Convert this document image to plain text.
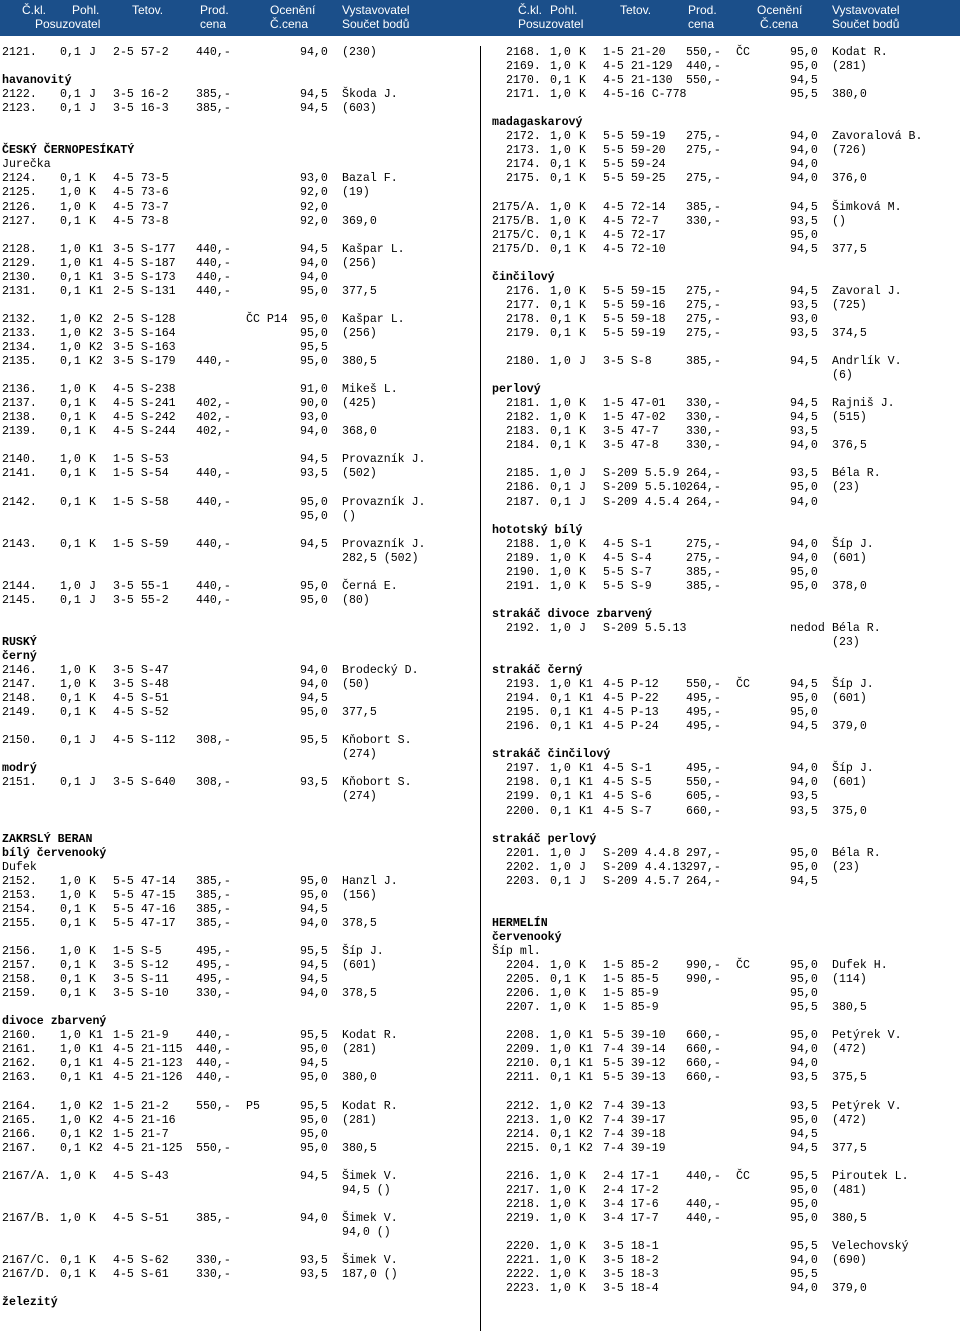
Č.kl. Pohl.	Tetov.	Prod.	Ocenění Vystavovatel
Posuzovatel	cena	Č.cena	Součet bodů
Č.kl. Pohl.	Tetov.	Prod.	Ocenění Vystavovatel
Posuzovatel	cena	Č.cena	Součet bodů
2121. 0,1 J 2-5 57-2 440,-	94,0 (230)
havanovitý
2122. 0,1 J 3-5 16-2 385,-	94,5 Škoda J.
2123. 0,1 J 3-5 16-3 385,-	94,5 (603)
ČESKÝ ČERNOPESÍKATÝ
Jurečka
2124. 0,1 K 4-5 73-5	93,0 Bazal F.
2125. 1,0 K 4-5 73-6	92,0 (19)
2126. 1,0 K 4-5 73-7	92,0
2127. 0,1 K 4-5 73-8	92,0 369,0
2128. 1,0 K1 3-5 S-177 440,-	94,5 Kašpar L.
2129. 1,0 K1 4-5 S-187 440,-	94,0 (256)
2130. 0,1 K1 3-5 S-173 440,-	94,0
2131. 0,1 K1 2-5 S-131 440,-	95,0 377,5
2132. 1,0 K2 2-5 S-128	ČC P14 95,0 Kašpar L.
2133. 1,0 K2 3-5 S-164	95,0 (256)
2134. 1,0 K2 3-5 S-163	95,5
2135. 0,1 K2 3-5 S-179 440,-	95,0 380,5
2136. 1,0 K 4-5 S-238	91,0 Mikeš L.
2137. 0,1 K 4-5 S-241 402,-	90,0 (425)
2138. 0,1 K 4-5 S-242 402,-	93,0
2139. 0,1 K 4-5 S-244 402,-	94,0 368,0
2140. 1,0 K 1-5 S-53	94,5 Provazník J.
2141. 0,1 K 1-5 S-54 440,-	93,5 (502)
2142. 0,1 K 1-5 S-58 440,-	95,0 Provazník J.
95,0 ()
2143. 0,1 K 1-5 S-59 440,-	94,5 Provazník J.
282,5 (502)
2144. 1,0 J 3-5 55-1 440,-	95,0 Černá E.
2145. 0,1 J 3-5 55-2 440,-	95,0 (80)
RUSKÝ
černý
2146. 1,0 K 3-5 S-47	94,0 Brodecký D.
2147. 1,0 K 3-5 S-48	94,0 (50)
2148. 0,1 K 4-5 S-51	94,5
2149. 0,1 K 4-5 S-52	95,0 377,5
2150. 0,1 J 4-5 S-112 308,-	95,5 Kňobort S.
(274)
modrý
2151. 0,1 J 3-5 S-640 308,-	93,5 Kňobort S.
(274)
ZAKRSLÝ BERAN
bílý červenooký
Dufek
2152. 1,0 K 5-5 47-14 385,-	95,0 Hanzl J.
2153. 1,0 K 5-5 47-15 385,-	95,0 (156)
2154. 0,1 K 5-5 47-16 385,-	94,5
2155. 0,1 K 5-5 47-17 385,-	94,0 378,5
2156. 1,0 K 1-5 S-5	495,-	95,5 Šíp J.
2157. 0,1 K 3-5 S-12 495,-	94,5 (601)
2158. 0,1 K 3-5 S-11 495,-	94,5
2159. 0,1 K 3-5 S-10 330,-	94,0 378,5
divoce zbarvený
2160. 1,0 K1 1-5 21-9 440,-	95,5 Kodat R.
2161. 1,0 K1 4-5 21-115 440,-	95,0 (281)
2162. 0,1 K1 4-5 21-123 440,-	94,5
2163. 0,1 K1 4-5 21-126 440,-	95,0 380,0
2164. 1,0 K2 1-5 21-2 550,- P5	95,5 Kodat R.
2165. 1,0 K2 4-5 21-16	95,0 (281)
2166. 0,1 K2 1-5 21-7	95,0
2167. 0,1 K2 4-5 21-125 550,-	95,0 380,5
2167/A. 1,0 K 4-5 S-43	94,5 Šimek V.
94,5 ()
2167/B. 1,0 K 4-5 S-51 385,-	94,0 Šimek V.
94,0 ()
2167/C. 0,1 K 4-5 S-62 330,-	93,5 Šimek V.
2167/D. 0,1 K 4-5 S-61 330,-	93,5 187,0 ()
železitý
2168. 1,0 K 1-5 21-20 550,- ČC	95,0 Kodat R.
2169. 1,0 K 4-5 21-129 440,-	95,0 (281)
2170. 0,1 K 4-5 21-130 550,-	94,5
2171. 1,0 K 4-5-16 C-778	95,5 380,0
madagaskarový
2172. 1,0 K 5-5 59-19 275,-	94,0 Zavoralová B.
2173. 1,0 K 5-5 59-20 275,-	94,0 (726)
2174. 0,1 K 5-5 59-24	94,0
2175. 0,1 K 5-5 59-25 275,-	94,0 376,0
2175/A. 1,0 K 4-5 72-14 385,-	94,5 Šimková M.
2175/B. 1,0 K 4-5 72-7 330,-	93,5 ()
2175/C. 0,1 K 4-5 72-17	95,0
2175/D. 0,1 K 4-5 72-10	94,5 377,5
činčilový
2176. 1,0 K 5-5 59-15 275,-	94,5 Zavoral J.
2177. 0,1 K 5-5 59-16 275,-	93,5 (725)
2178. 0,1 K 5-5 59-18 275,-	93,0
2179. 0,1 K 5-5 59-19 275,-	93,5 374,5
2180. 1,0 J 3-5 S-8	385,-	94,5 Andrlík V.
(6)
perlový
2181. 1,0 K 1-5 47-01 330,-	94,5 Rajniš J.
2182. 1,0 K 1-5 47-02 330,-	94,5 (515)
2183. 0,1 K 3-5 47-7 330,-	93,5
2184. 0,1 K 3-5 47-8 330,-	94,0 376,5
2185. 1,0 J S-209 5.5.9 264,-	93,5 Béla R.
2186. 0,1 J S-209 5.5.10 264,-	95,0 (23)
2187. 0,1 J S-209 4.5.4 264,-	94,0
hototský bílý
2188. 1,0 K 4-5 S-1	275,-	94,0 Šíp J.
2189. 1,0 K 4-5 S-4	275,-	94,0 (601)
2190. 1,0 K 5-5 S-7	385,-	95,0
2191. 1,0 K 5-5 S-9	385,-	95,0 378,0
strakáč divoce zbarvený
2192. 1,0 J S-209 5.5.13	nedod Béla R.
(23)
strakáč černý
2193. 1,0 K1 4-5 P-12 550,- ČC	94,5 Šíp J.
2194. 0,1 K1 4-5 P-22 495,-	95,0 (601)
2195. 0,1 K1 4-5 P-13 495,-	95,0
2196. 0,1 K1 4-5 P-24 495,-	94,5 379,0
strakáč činčilový
2197. 1,0 K1 4-5 S-1	495,-	94,0 Šíp J.
2198. 0,1 K1 4-5 S-5	550,-	94,0 (601)
2199. 0,1 K1 4-5 S-6	605,-	93,5
2200. 0,1 K1 4-5 S-7	660,-	93,5 375,0
strakáč perlový
2201. 1,0 J S-209 4.4.8 297,-	95,0 Béla R.
2202. 1,0 J S-209 4.4.13 297,-	95,0 (23)
2203. 0,1 J S-209 4.5.7 264,-	94,5
HERMELÍN
červenooký
Šíp ml.
2204. 1,0 K 1-5 85-2 990,- ČC	95,0 Dufek H.
2205. 0,1 K 1-5 85-5 990,-	95,0 (114)
2206. 1,0 K 1-5 85-9	95,0
2207. 1,0 K 1-5 85-9	95,5 380,5
2208. 1,0 K1 5-5 39-10 660,-	95,0 Petýrek V.
2209. 1,0 K1 7-4 39-14 660,-	94,0 (472)
2210. 0,1 K1 5-5 39-12 660,-	94,0
2211. 0,1 K1 5-5 39-13 660,-	93,5 375,5
2212. 1,0 K2 7-4 39-13	93,5 Petýrek V.
2213. 1,0 K2 7-4 39-17	95,0 (472)
2214. 0,1 K2 7-4 39-18	94,5
2215. 0,1 K2 7-4 39-19	94,5 377,5
2216. 1,0 K 2-4 17-1 440,- ČC	95,5 Piroutek L.
2217. 1,0 K 2-4 17-2	95,0 (481)
2218. 1,0 K 3-4 17-6 440,-	95,0
2219. 1,0 K 3-4 17-7 440,-	95,0 380,5
2220. 1,0 K 3-5 18-1	95,5 Velechovský
2221. 1,0 K 3-5 18-2	94,0 (690)
2222. 1,0 K 3-5 18-3	95,5
2223. 1,0 K 3-5 18-4	94,0 379,0
